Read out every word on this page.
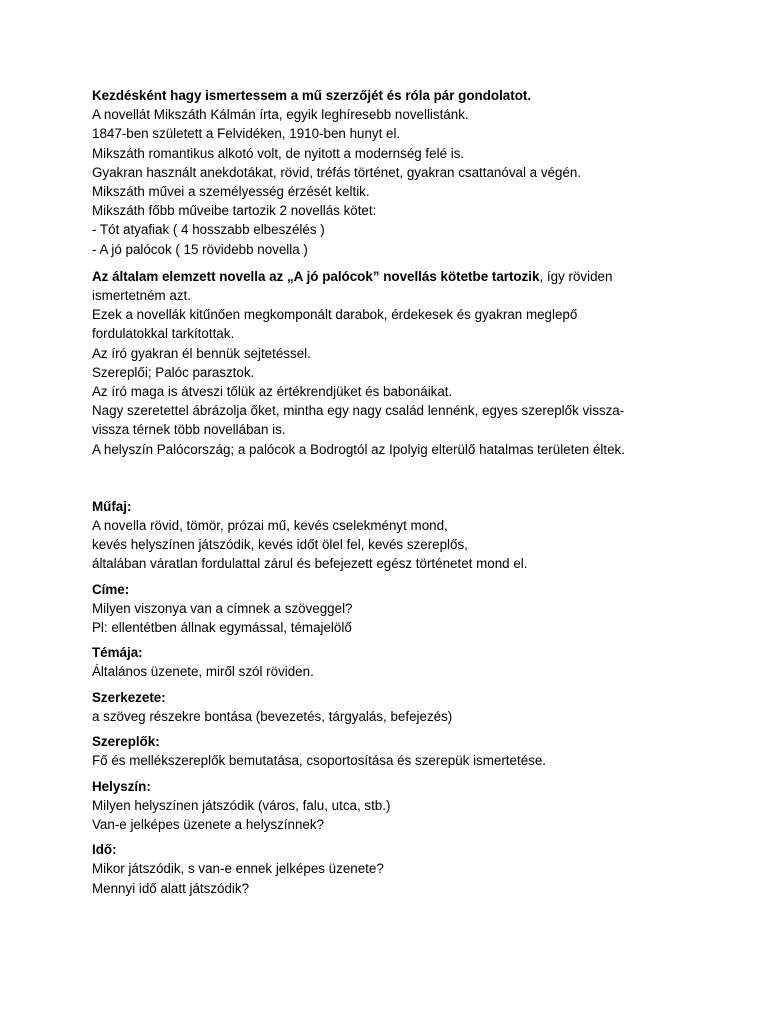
Kezdésként hagy ismertessem a mű szerzőjét és róla pár gondolatot.
A novellát Mikszáth Kálmán írta, egyik leghíresebb novellistánk.
1847-ben született a Felvidéken, 1910-ben hunyt el.
Mikszáth romantikus alkotó volt, de nyitott a modernség felé is.
Gyakran használt anekdotákat, rövid, tréfás történet, gyakran csattanóval a végén.
Mikszáth művei a személyesség érzését keltik.
Mikszáth főbb műveibe tartozik 2 novellás kötet:
- Tót atyafiak ( 4 hosszabb elbeszélés )
- A jó palócok ( 15 rövidebb novella )
Az általam elemzett novella az „A jó palócok” novellás kötetbe tartozik, így röviden
ismertetném azt.
Ezek a novellák kitűnően megkomponált darabok, érdekesek és gyakran meglepő
fordulatokkal tarkítottak.
Az író gyakran él bennük sejtetéssel.
Szereplői; Palóc parasztok.
Az író maga is átveszi tőlük az értékrendjüket és babonáikat.
Nagy szeretettel ábrázolja őket, mintha egy nagy család lennénk, egyes szereplők vissza-
vissza térnek több novellában is.
A helyszín Palócország; a palócok a Bodrogtól az Ipolyig elterülő hatalmas területen éltek.
Műfaj:
A novella rövid, tömör, prózai mű, kevés cselekményt mond,
kevés helyszínen játszódik, kevés időt ölel fel, kevés szereplős,
általában váratlan fordulattal zárul és befejezett egész történetet mond el.
Címe:
Milyen viszonya van a címnek a szöveggel?
Pl: ellentétben állnak egymással, témajelölő
Témája:
Általános üzenete, miről szól röviden.
Szerkezete:
a szöveg részekre bontása (bevezetés, tárgyalás, befejezés)
Szereplők:
Fő és mellékszereplők bemutatása, csoportosítása és szerepük ismertetése.
Helyszín:
Milyen helyszínen játszódik (város, falu, utca, stb.)
Van-e jelképes üzenete a helyszínnek?
Idő:
Mikor játszódik, s van-e ennek jelképes üzenete?
Mennyi idő alatt játszódik?
